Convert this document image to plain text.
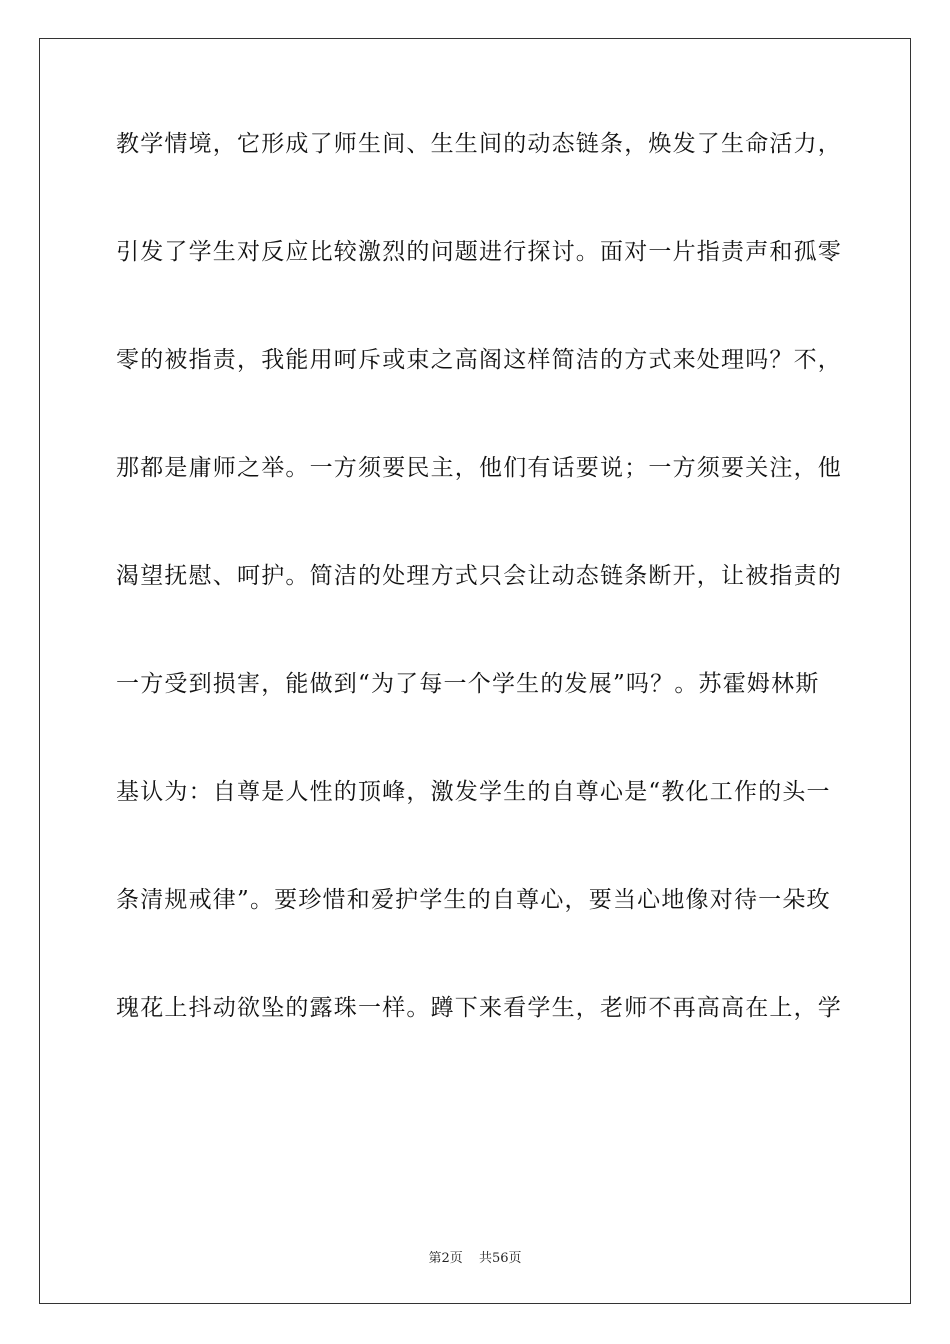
教学情境，它形成了师生间、生生间的动态链条，焕发了生命活力，
引发了学生对反应比较激烈的问题进行探讨。面对一片指责声和孤零
零的被指责，我能用呵斥或束之高阁这样简洁的方式来处理吗？不，
那都是庸师之举。一方须要民主，他们有话要说；一方须要关注，他
渴望抚慰、呵护。简洁的处理方式只会让动态链条断开，让被指责的
一方受到损害，能做到“为了每一个学生的发展”吗？。苏霍姆林斯
基认为：自尊是人性的顶峰，激发学生的自尊心是“教化工作的头一
条清规戒律”。要珍惜和爱护学生的自尊心，要当心地像对待一朵玫
瑰花上抖动欲坠的露珠一样。蹲下来看学生，老师不再高高在上，学
第2页 共56页
